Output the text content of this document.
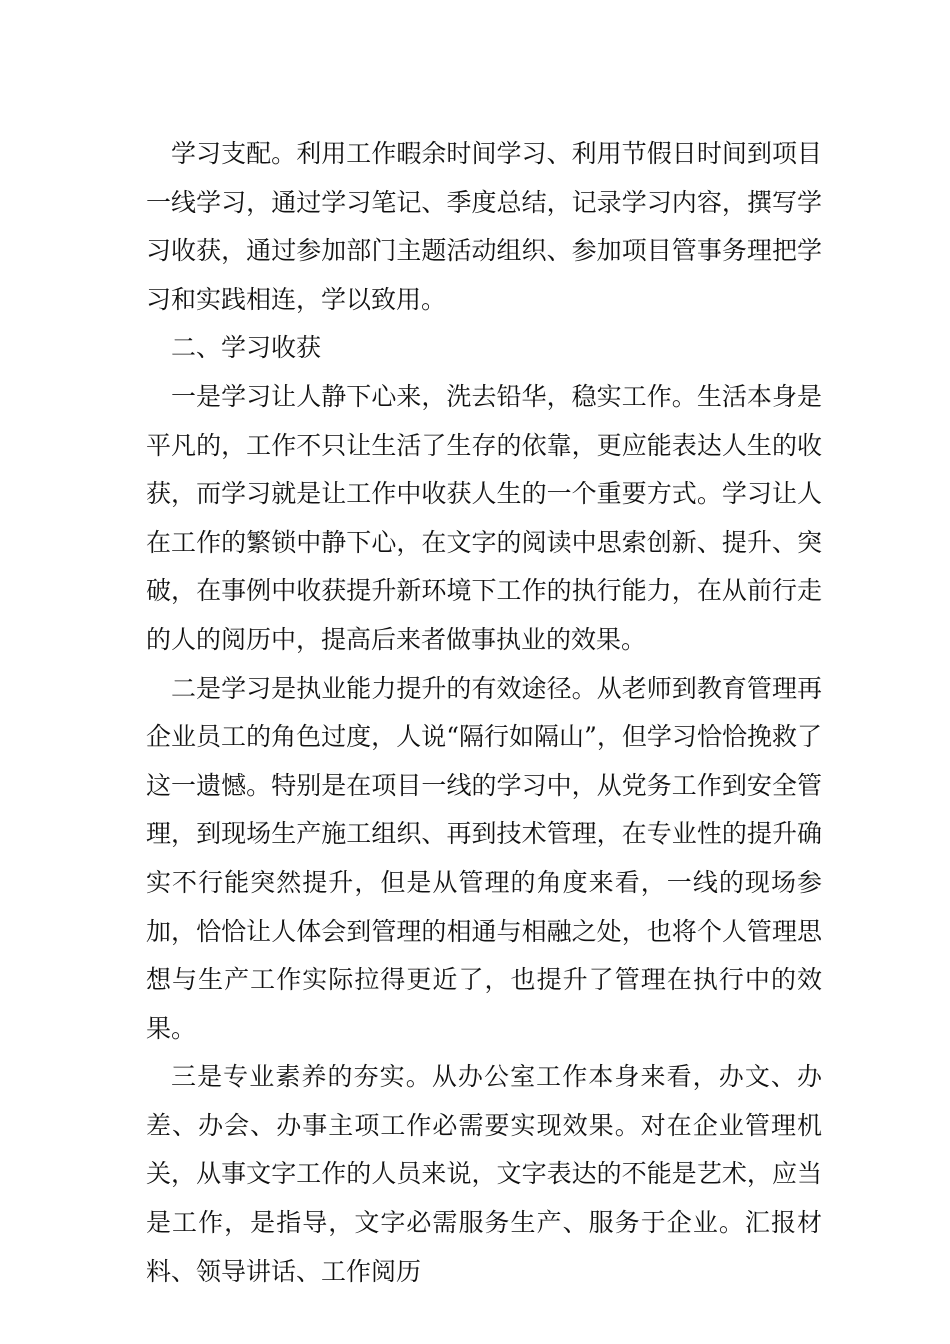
学习支配。利用工作暇余时间学习、利用节假日时间到项目一线学习，通过学习笔记、季度总结，记录学习内容，撰写学习收获，通过参加部门主题活动组织、参加项目管事务理把学习和实践相连，学以致用。

二、学习收获

一是学习让人静下心来，洗去铅华，稳实工作。生活本身是平凡的，工作不只让生活了生存的依靠，更应能表达人生的收获，而学习就是让工作中收获人生的一个重要方式。学习让人在工作的繁锁中静下心，在文字的阅读中思索创新、提升、突破，在事例中收获提升新环境下工作的执行能力，在从前行走的人的阅历中，提高后来者做事执业的效果。

二是学习是执业能力提升的有效途径。从老师到教育管理再企业员工的角色过度，人说“隔行如隔山”，但学习恰恰挽救了这一遗憾。特别是在项目一线的学习中，从党务工作到安全管理，到现场生产施工组织、再到技术管理，在专业性的提升确实不行能突然提升，但是从管理的角度来看，一线的现场参加，恰恰让人体会到管理的相通与相融之处，也将个人管理思想与生产工作实际拉得更近了，也提升了管理在执行中的效果。

三是专业素养的夯实。从办公室工作本身来看，办文、办差、办会、办事主项工作必需要实现效果。对在企业管理机关，从事文字工作的人员来说，文字表达的不能是艺术，应当是工作，是指导，文字必需服务生产、服务于企业。汇报材料、领导讲话、工作阅历
